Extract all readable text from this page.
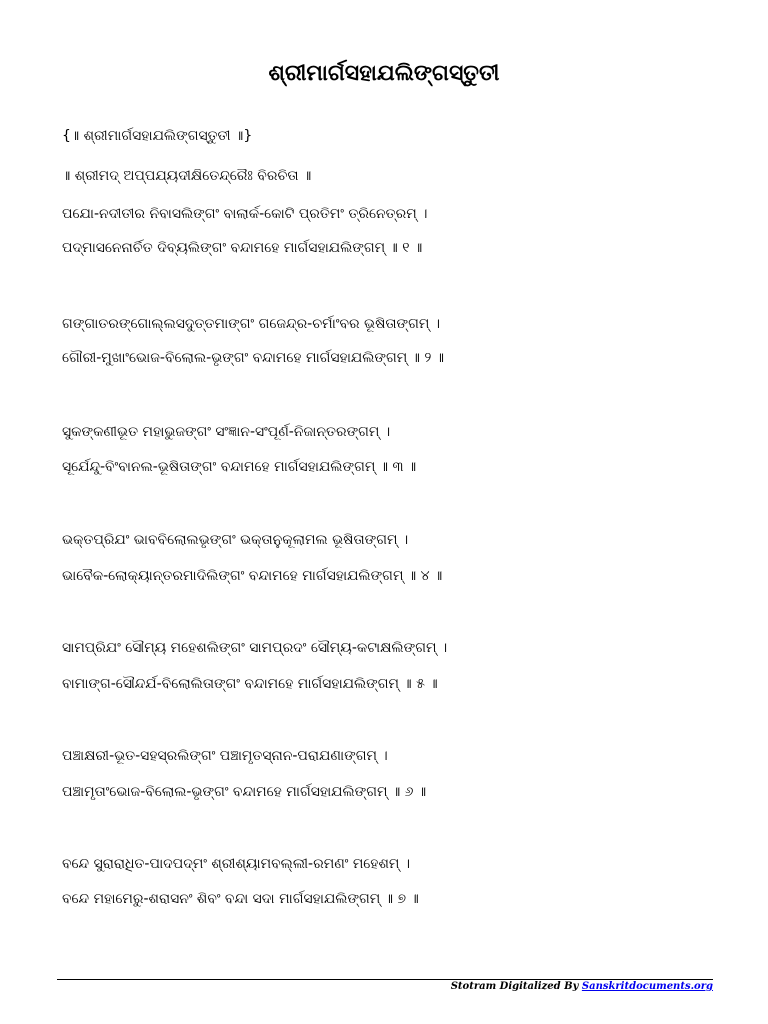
ଶ୍ରୀମାର୍ଗସହାଯଲିଙ୍ଗସ୍ତୁତୀ
{॥ ଶ୍ରୀମାର୍ଗସହାଯଲିଙ୍ଗସ୍ତୁତୀ ॥}
॥ ଶ୍ରୀମଦ୍ ଅପ୍ପଯ୍ୟଦୀକ୍ଷିତେନ୍ଦ୍ରୈଃ ବିରଚିତା ॥
ପଯୋ-ନଦୀତୀର ନିବାସଲିଙ୍ଗଂ ବାଲାର୍କ-କୋଟି ପ୍ରତିମଂ ତ୍ରିନେତ୍ରମ୍ ।
ପଦ୍ମାସନେନାର୍ଚିତ ଦିବ୍ୟଲିଙ୍ଗଂ ବନ୍ଦାମହେ ମାର୍ଗସହାଯଲିଙ୍ଗମ୍ ॥ ୧ ॥
ଗଙ୍ଗାତରଙ୍ଗୋଲ୍ଲସଦୁତ୍ତମାଙ୍ଗଂ ଗଜେନ୍ଦ୍ର-ଚର୍ମାଂବର ଭୂଷିତାଙ୍ଗମ୍ ।
ଗୌରୀ-ମୁଖାଂଭୋଜ-ବିଲୋଲ-ଭୃଙ୍ଗଂ ବନ୍ଦାମହେ ମାର୍ଗସହାଯଲିଙ୍ଗମ୍ ॥ ୨ ॥
ସୁକଙ୍କଣୀଭୂତ ମହାଭୁଜଙ୍ଗଂ ସଂଜ୍ଞାନ-ସଂପୂର୍ଣ-ନିଜାନ୍ତରଙ୍ଗମ୍ ।
ସୂର୍ଯେନ୍ଦୁ-ବିଂବାନଲ-ଭୂଷିତାଙ୍ଗଂ ବନ୍ଦାମହେ ମାର୍ଗସହାଯଲିଙ୍ଗମ୍ ॥ ୩ ॥
ଭକ୍ତପ୍ରିଯଂ ଭାବବିଲୋଲଭୃଙ୍ଗଂ ଭକ୍ତାନୁକୂଲାମଲ ଭୂଷିତାଙ୍ଗମ୍ ।
ଭାବୈକ-ଲୋକ୍ୟାନ୍ତରମାଦିଲିଙ୍ଗଂ ବନ୍ଦାମହେ ମାର୍ଗସହାଯଲିଙ୍ଗମ୍ ॥ ୪ ॥
ସାମପ୍ରିଯଂ ସୌମ୍ୟ ମହେଶଲିଙ୍ଗଂ ସାମପ୍ରଦଂ ସୌମ୍ୟ-କଟାକ୍ଷଲିଙ୍ଗମ୍ ।
ବାମାଙ୍ଗ-ସୌନ୍ଦର୍ଯ-ବିଲୋଲିତାଙ୍ଗଂ ବନ୍ଦାମହେ ମାର୍ଗସହାଯଲିଙ୍ଗମ୍ ॥ ୫ ॥
ପଞ୍ଚାକ୍ଷରୀ-ଭୂତ-ସହସ୍ରଲିଙ୍ଗଂ ପଞ୍ଚାମୃତସ୍ନାନ-ପରାଯଣାଙ୍ଗମ୍ ।
ପଞ୍ଚାମୃତାଂଭୋଜ-ବିଲୋଲ-ଭୃଙ୍ଗଂ ବନ୍ଦାମହେ ମାର୍ଗସହାଯଲିଙ୍ଗମ୍ ॥ ୬ ॥
ବନ୍ଦେ ସୁରାରାଧିତ-ପାଦପଦ୍ମଂ ଶ୍ରୀଶ୍ୟାମବଲ୍ଲୀ-ରମଣଂ ମହେଶମ୍ ।
ବନ୍ଦେ ମହାମେରୁ-ଶରାସନଂ ଶିବଂ ବନ୍ଦା ସଦା ମାର୍ଗସହାଯଲିଙ୍ଗମ୍ ॥ ୭ ॥
Stotram Digitalized By Sanskritdocuments.org
